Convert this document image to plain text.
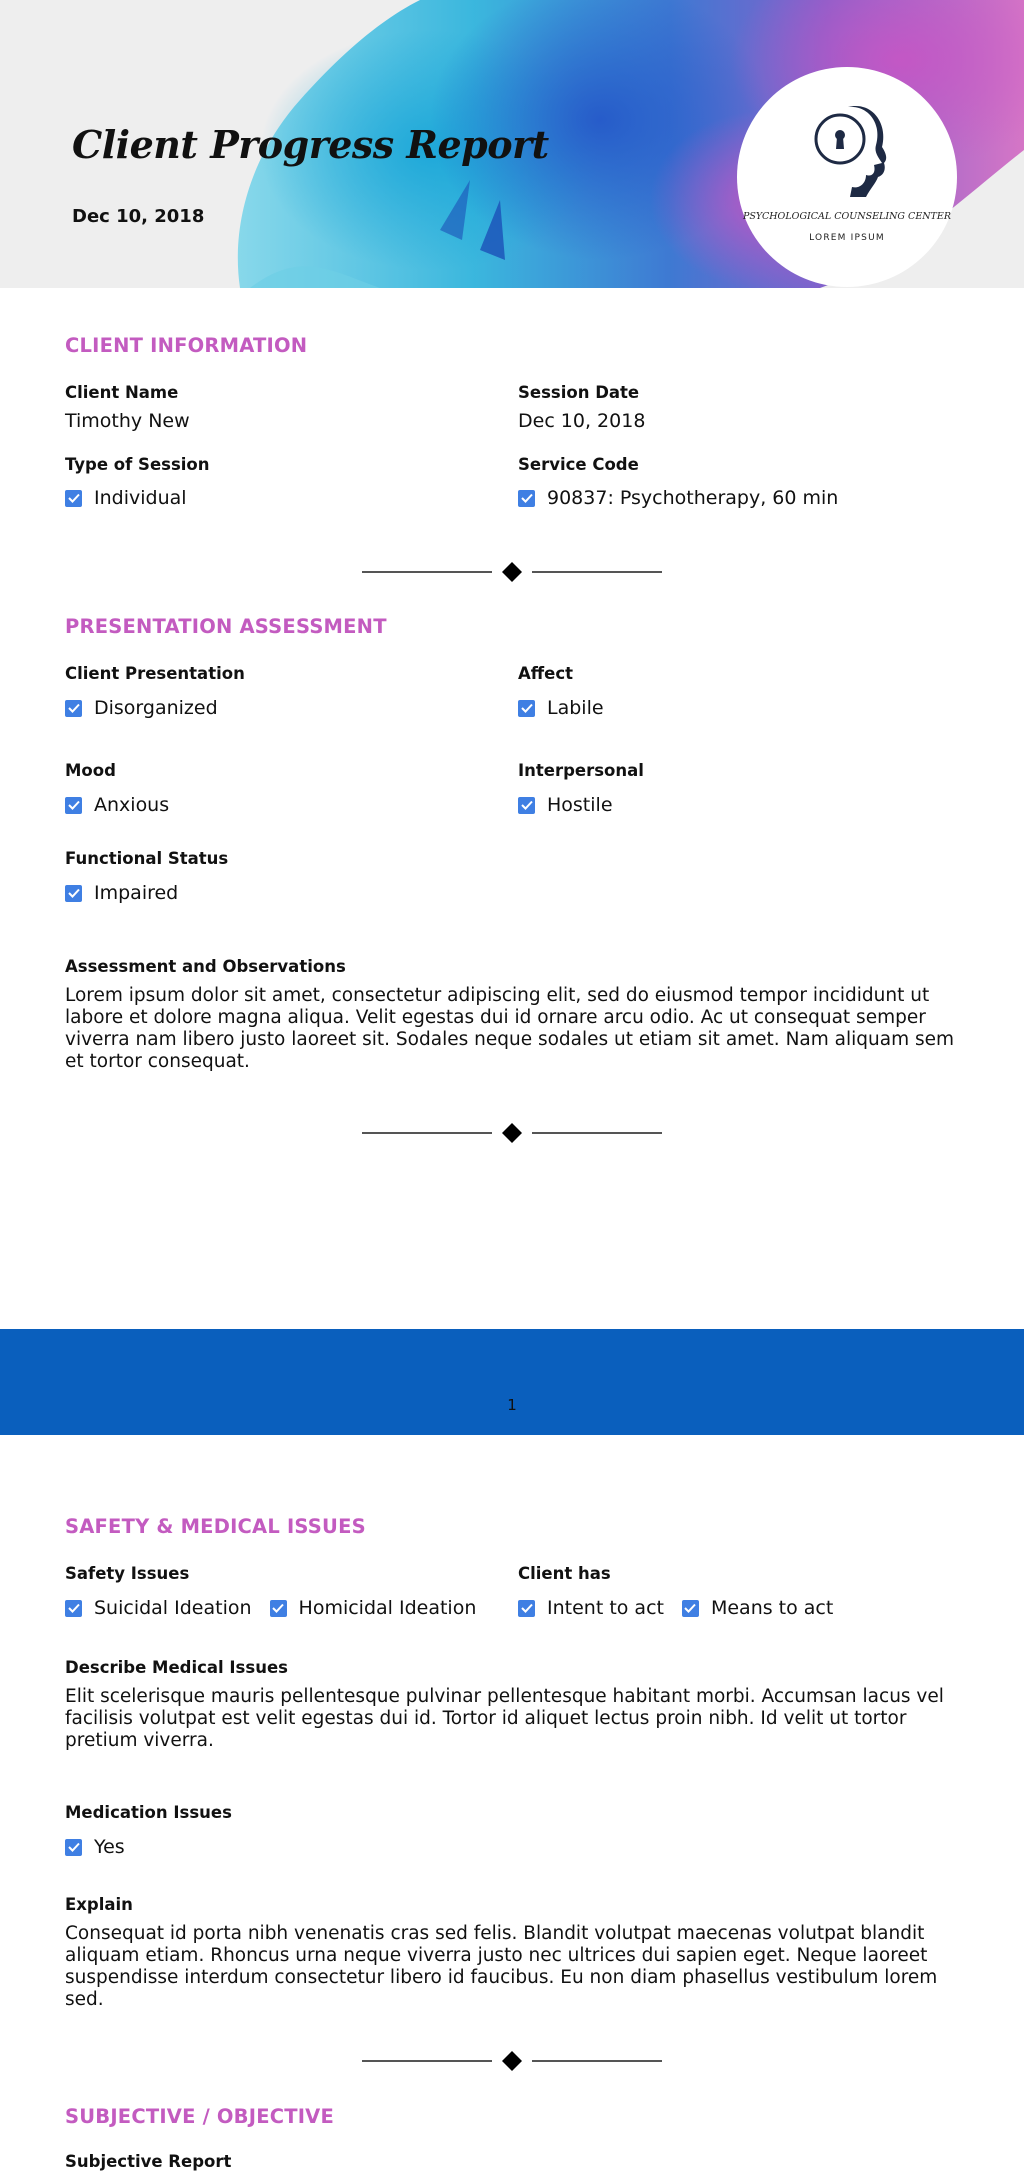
Client Progress Report
Dec 10, 2018	PSYCHOLOGICAL COUNSELING CENTER
LOREM IPSUM
CLIENT INFORMATION
Client Name
Timothy New
Session Date
Dec 10, 2018
Type of Session
Individual
Service Code
90837: Psychotherapy, 60 min
PRESENTATION ASSESSMENT
Client Presentation
Disorganized
Affect
Labile
Mood
Anxious
Interpersonal
Hostile
Functional Status
Impaired
Assessment and Observations
Lorem ipsum dolor sit amet, consectetur adipiscing elit, sed do eiusmod tempor incididunt ut labore et dolore magna aliqua. Velit egestas dui id ornare arcu odio. Ac ut consequat semper viverra nam libero justo laoreet sit. Sodales neque sodales ut etiam sit amet. Nam aliquam sem et tortor consequat.
1
SAFETY & MEDICAL ISSUES
Safety Issues
Suicidal Ideation Homicidal Ideation
Client has
Intent to act Means to act
Describe Medical Issues
Elit scelerisque mauris pellentesque pulvinar pellentesque habitant morbi. Accumsan lacus vel facilisis volutpat est velit egestas dui id. Tortor id aliquet lectus proin nibh. Id velit ut tortor pretium viverra.
Medication Issues
Yes
Explain
Consequat id porta nibh venenatis cras sed felis. Blandit volutpat maecenas volutpat blandit aliquam etiam. Rhoncus urna neque viverra justo nec ultrices dui sapien eget. Neque laoreet suspendisse interdum consectetur libero id faucibus. Eu non diam phasellus vestibulum lorem sed.
SUBJECTIVE / OBJECTIVE
Subjective Report
